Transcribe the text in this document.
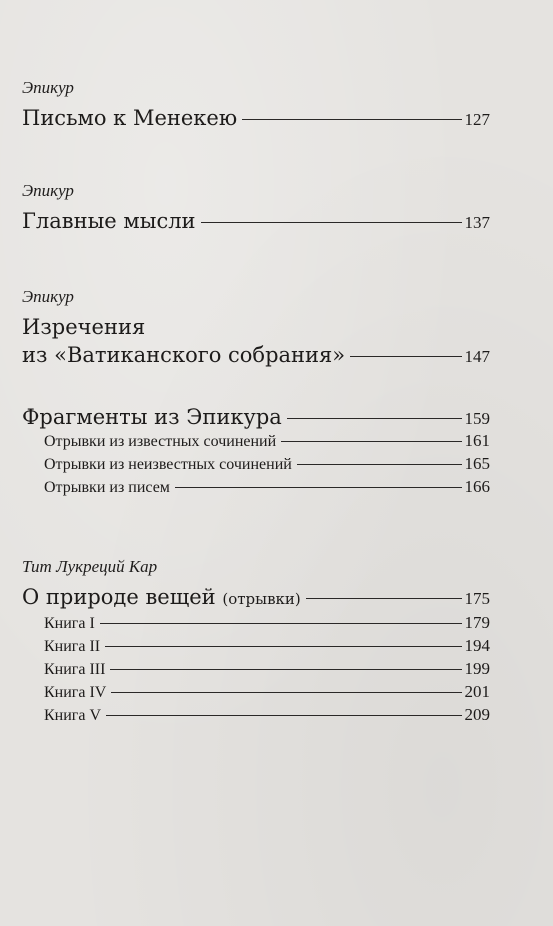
Эпикур
Письмо к Менекею	127
Эпикур
Главные мысли	137
Эпикур
Изречения
из «Ватиканского собрания»	147
Фрагменты из Эпикура	159
Отрывки из известных сочинений	161
Отрывки из неизвестных сочинений	165
Отрывки из писем	166
Тит Лукреций Кар
О природе вещей (отрывки)	175
Книга I	179
Книга II	194
Книга III	199
Книга IV	201
Книга V	209
